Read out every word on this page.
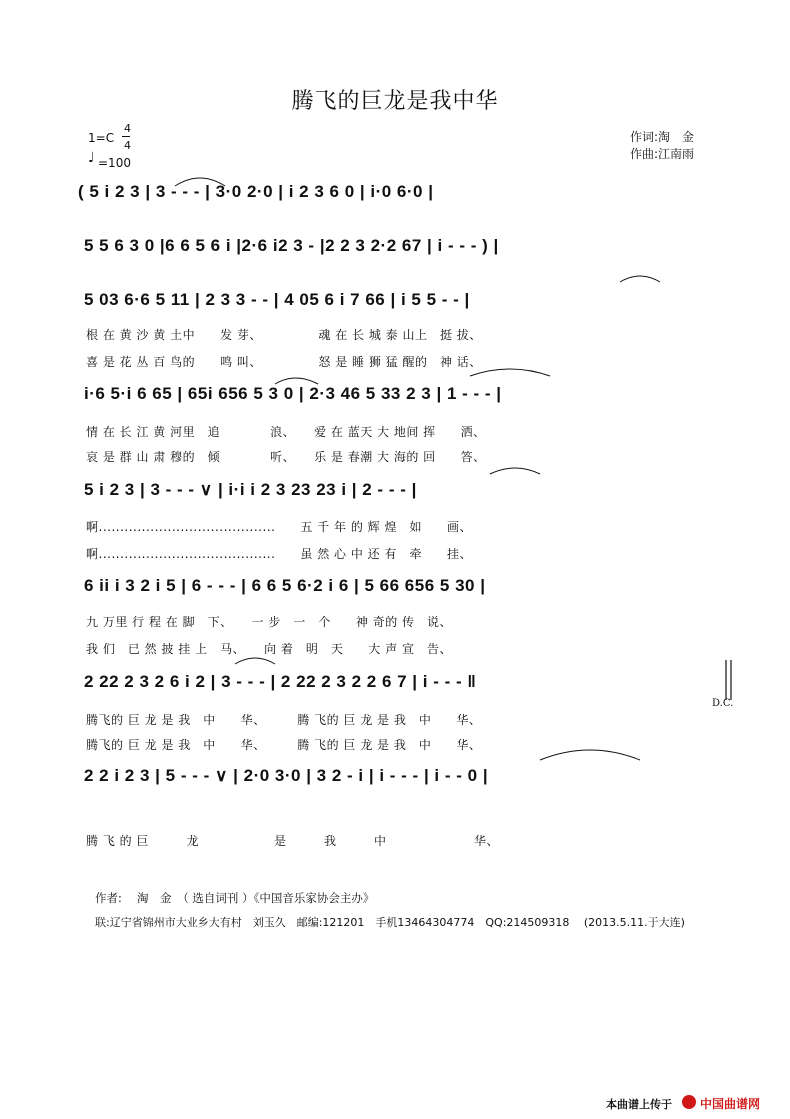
腾飞的巨龙是我中华
1=C
4
4
♩ =100
作词:淘　金
作曲:江南雨
( 5 i 2 3 | 3 - - - | 3·0 2·0 | i 2 3 6 0 | i·0 6·0 |
5 5 6 3 0 |6 6 5 6 i |2·6 i2 3 - |2 2 3 2·2 67 | i - - - ) |
5 03 6·6 5 11 | 2 3 3 - - | 4 05 6 i 7 66 | i 5 5 - - |
根 在 黄 沙 黄 土中　　发 芽、　　　　　魂 在 长 城 泰 山上　挺 拔、
喜 是 花 丛 百 鸟的　　鸣 叫、　　　　　怒 是 睡 狮 猛 醒的　神 话、
i·6 5·i 6 65 | 65i 656 5 3 0 | 2·3 46 5 33 2 3 | 1 - - - |
情 在 长 江 黄 河里　追　　　　浪、　　爱 在 蓝天 大 地间 挥　　洒、
哀 是 群 山 肃 穆的　倾　　　　听、　　乐 是 春潮 大 海的 回　　答、
5 i 2 3 | 3 - - - ∨ | i·i i 2 3 23 23 i | 2 - - - |
啊.........................................　　五 千 年 的 辉 煌　如　　画、
啊.........................................　　虽 然 心 中 还 有　牵　　挂、
6 ii i 3 2 i 5 | 6 - - - | 6 6 5 6·2 i 6 | 5 66 656 5 30 |
九 万里 行 程 在 脚　下、　　一 步　一　个　　神 奇的 传　说、
我 们　已 然 披 挂 上　马、　　向 着　明　天　　大 声 宣　告、
2 22 2 3 2 6 i 2 | 3 - - - | 2 22 2 3 2 2 6 7 | i - - - ‖
D.C.
腾飞的 巨 龙 是 我　中　　华、　　　腾 飞的 巨 龙 是 我　中　　华、
腾飞的 巨 龙 是 我　中　　华、　　　腾 飞的 巨 龙 是 我　中　　华、
2 2 i 2 3 | 5 - - - ∨ | 2·0 3·0 | 3 2 - i | i - - - | i - - 0 |
腾 飞 的 巨　　　龙　　　　　　是　　　我　　　中　　　　　　　华、
作者:　 淘　金　（ 选自词刊 ）《中国音乐家协会主办》
联:辽宁省锦州市大业乡大有村　刘玉久　邮编:121201　手机13464304774　QQ:214509318　 (2013.5.11.于大连)
本曲谱上传于 中国曲谱网
